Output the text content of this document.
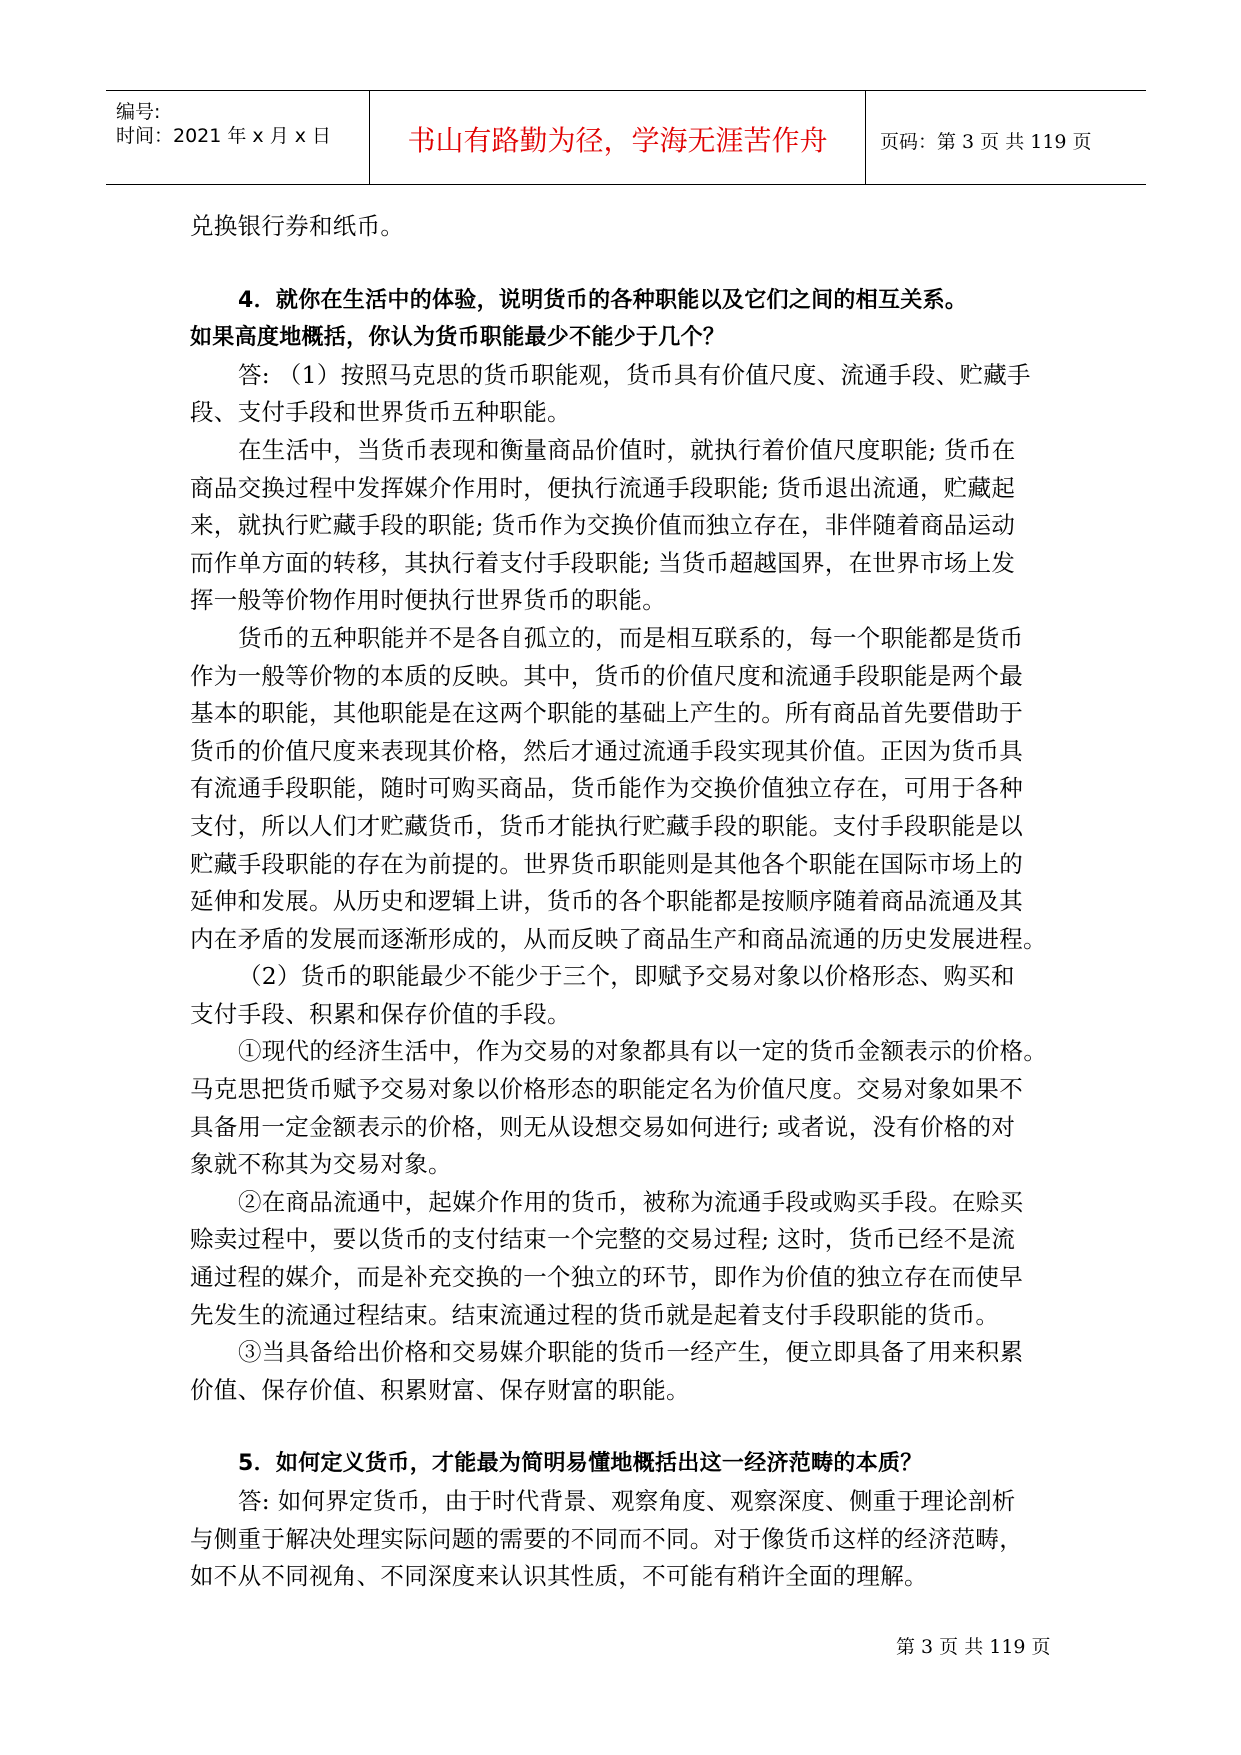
编号:
时间：2021 年 x 月 x 日	书山有路勤为径，学海无涯苦作舟	页码：第 3 页 共 119 页
兑换银行券和纸币。
4．就你在生活中的体验，说明货币的各种职能以及它们之间的相互关系。
如果高度地概括，你认为货币职能最少不能少于几个？
答: （1）按照马克思的货币职能观，货币具有价值尺度、流通手段、贮藏手
段、支付手段和世界货币五种职能。
在生活中，当货币表现和衡量商品价值时，就执行着价值尺度职能; 货币在
商品交换过程中发挥媒介作用时，便执行流通手段职能; 货币退出流通，贮藏起
来，就执行贮藏手段的职能; 货币作为交换价值而独立存在，非伴随着商品运动
而作单方面的转移，其执行着支付手段职能; 当货币超越国界，在世界市场上发
挥一般等价物作用时便执行世界货币的职能。
货币的五种职能并不是各自孤立的，而是相互联系的，每一个职能都是货币
作为一般等价物的本质的反映。其中，货币的价值尺度和流通手段职能是两个最
基本的职能，其他职能是在这两个职能的基础上产生的。所有商品首先要借助于
货币的价值尺度来表现其价格，然后才通过流通手段实现其价值。正因为货币具
有流通手段职能，随时可购买商品，货币能作为交换价值独立存在，可用于各种
支付，所以人们才贮藏货币，货币才能执行贮藏手段的职能。支付手段职能是以
贮藏手段职能的存在为前提的。世界货币职能则是其他各个职能在国际市场上的
延伸和发展。从历史和逻辑上讲，货币的各个职能都是按顺序随着商品流通及其
内在矛盾的发展而逐渐形成的，从而反映了商品生产和商品流通的历史发展进程。
（2）货币的职能最少不能少于三个，即赋予交易对象以价格形态、购买和
支付手段、积累和保存价值的手段。
①现代的经济生活中，作为交易的对象都具有以一定的货币金额表示的价格。
马克思把货币赋予交易对象以价格形态的职能定名为价值尺度。交易对象如果不
具备用一定金额表示的价格，则无从设想交易如何进行; 或者说，没有价格的对
象就不称其为交易对象。
②在商品流通中，起媒介作用的货币，被称为流通手段或购买手段。在赊买
赊卖过程中，要以货币的支付结束一个完整的交易过程; 这时，货币已经不是流
通过程的媒介，而是补充交换的一个独立的环节，即作为价值的独立存在而使早
先发生的流通过程结束。结束流通过程的货币就是起着支付手段职能的货币。
③当具备给出价格和交易媒介职能的货币一经产生，便立即具备了用来积累
价值、保存价值、积累财富、保存财富的职能。
5．如何定义货币，才能最为简明易懂地概括出这一经济范畴的本质？
答: 如何界定货币，由于时代背景、观察角度、观察深度、侧重于理论剖析
与侧重于解决处理实际问题的需要的不同而不同。对于像货币这样的经济范畴，
如不从不同视角、不同深度来认识其性质，不可能有稍许全面的理解。
第 3 页 共 119 页
